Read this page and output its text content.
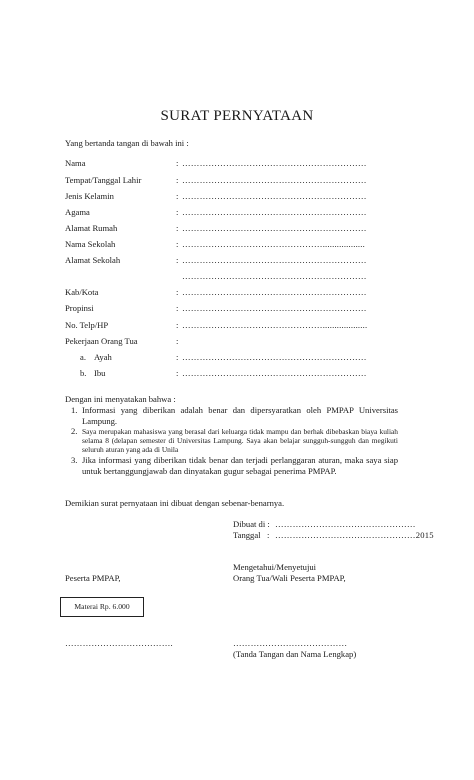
SURAT PERNYATAAN
Yang bertanda tangan di bawah ini :
Nama	: ………………………………………………………
Tempat/Tanggal Lahir	: ………………………………………………………
Jenis Kelamin	: ………………………………………………………
Agama	: ………………………………………………………
Alamat Rumah	: ………………………………………………………
Nama Sekolah	: …………………………………………..................
Alamat Sekolah	: ………………………………………………………
………………………………………………………
Kab/Kota	: ………………………………………………………
Propinsi	: ………………………………………………………
No. Telp/HP	: …………………………………………...................
Pekerjaan Orang Tua	:
a. Ayah	: ………………………………………………………
b. Ibu	: ………………………………………………………
Dengan ini menyatakan bahwa :
1. Informasi yang diberikan adalah benar dan dipersyaratkan oleh PMPAP Universitas Lampung.
2. Saya merupakan mahasiswa yang berasal dari keluarga tidak mampu dan berhak dibebaskan biaya kuliah selama 8 (delapan semester di Universitas Lampung. Saya akan belajar sungguh-sungguh dan megikuti seluruh aturan yang ada di Unila
3. Jika informasi yang diberikan tidak benar dan terjadi perlanggaran aturan, maka saya siap untuk bertanggungjawab dan dinyatakan gugur sebagai penerima PMPAP.
Demikian surat pernyataan ini dibuat dengan sebenar-benarnya.
Dibuat di : …………………………………………
Tanggal : …………………………………………2015
Mengetahui/Menyetujui
Peserta PMPAP,	Orang Tua/Wali Peserta PMPAP,
Materai Rp. 6.000
……………………………….	…………………………………
(Tanda Tangan dan Nama Lengkap)
